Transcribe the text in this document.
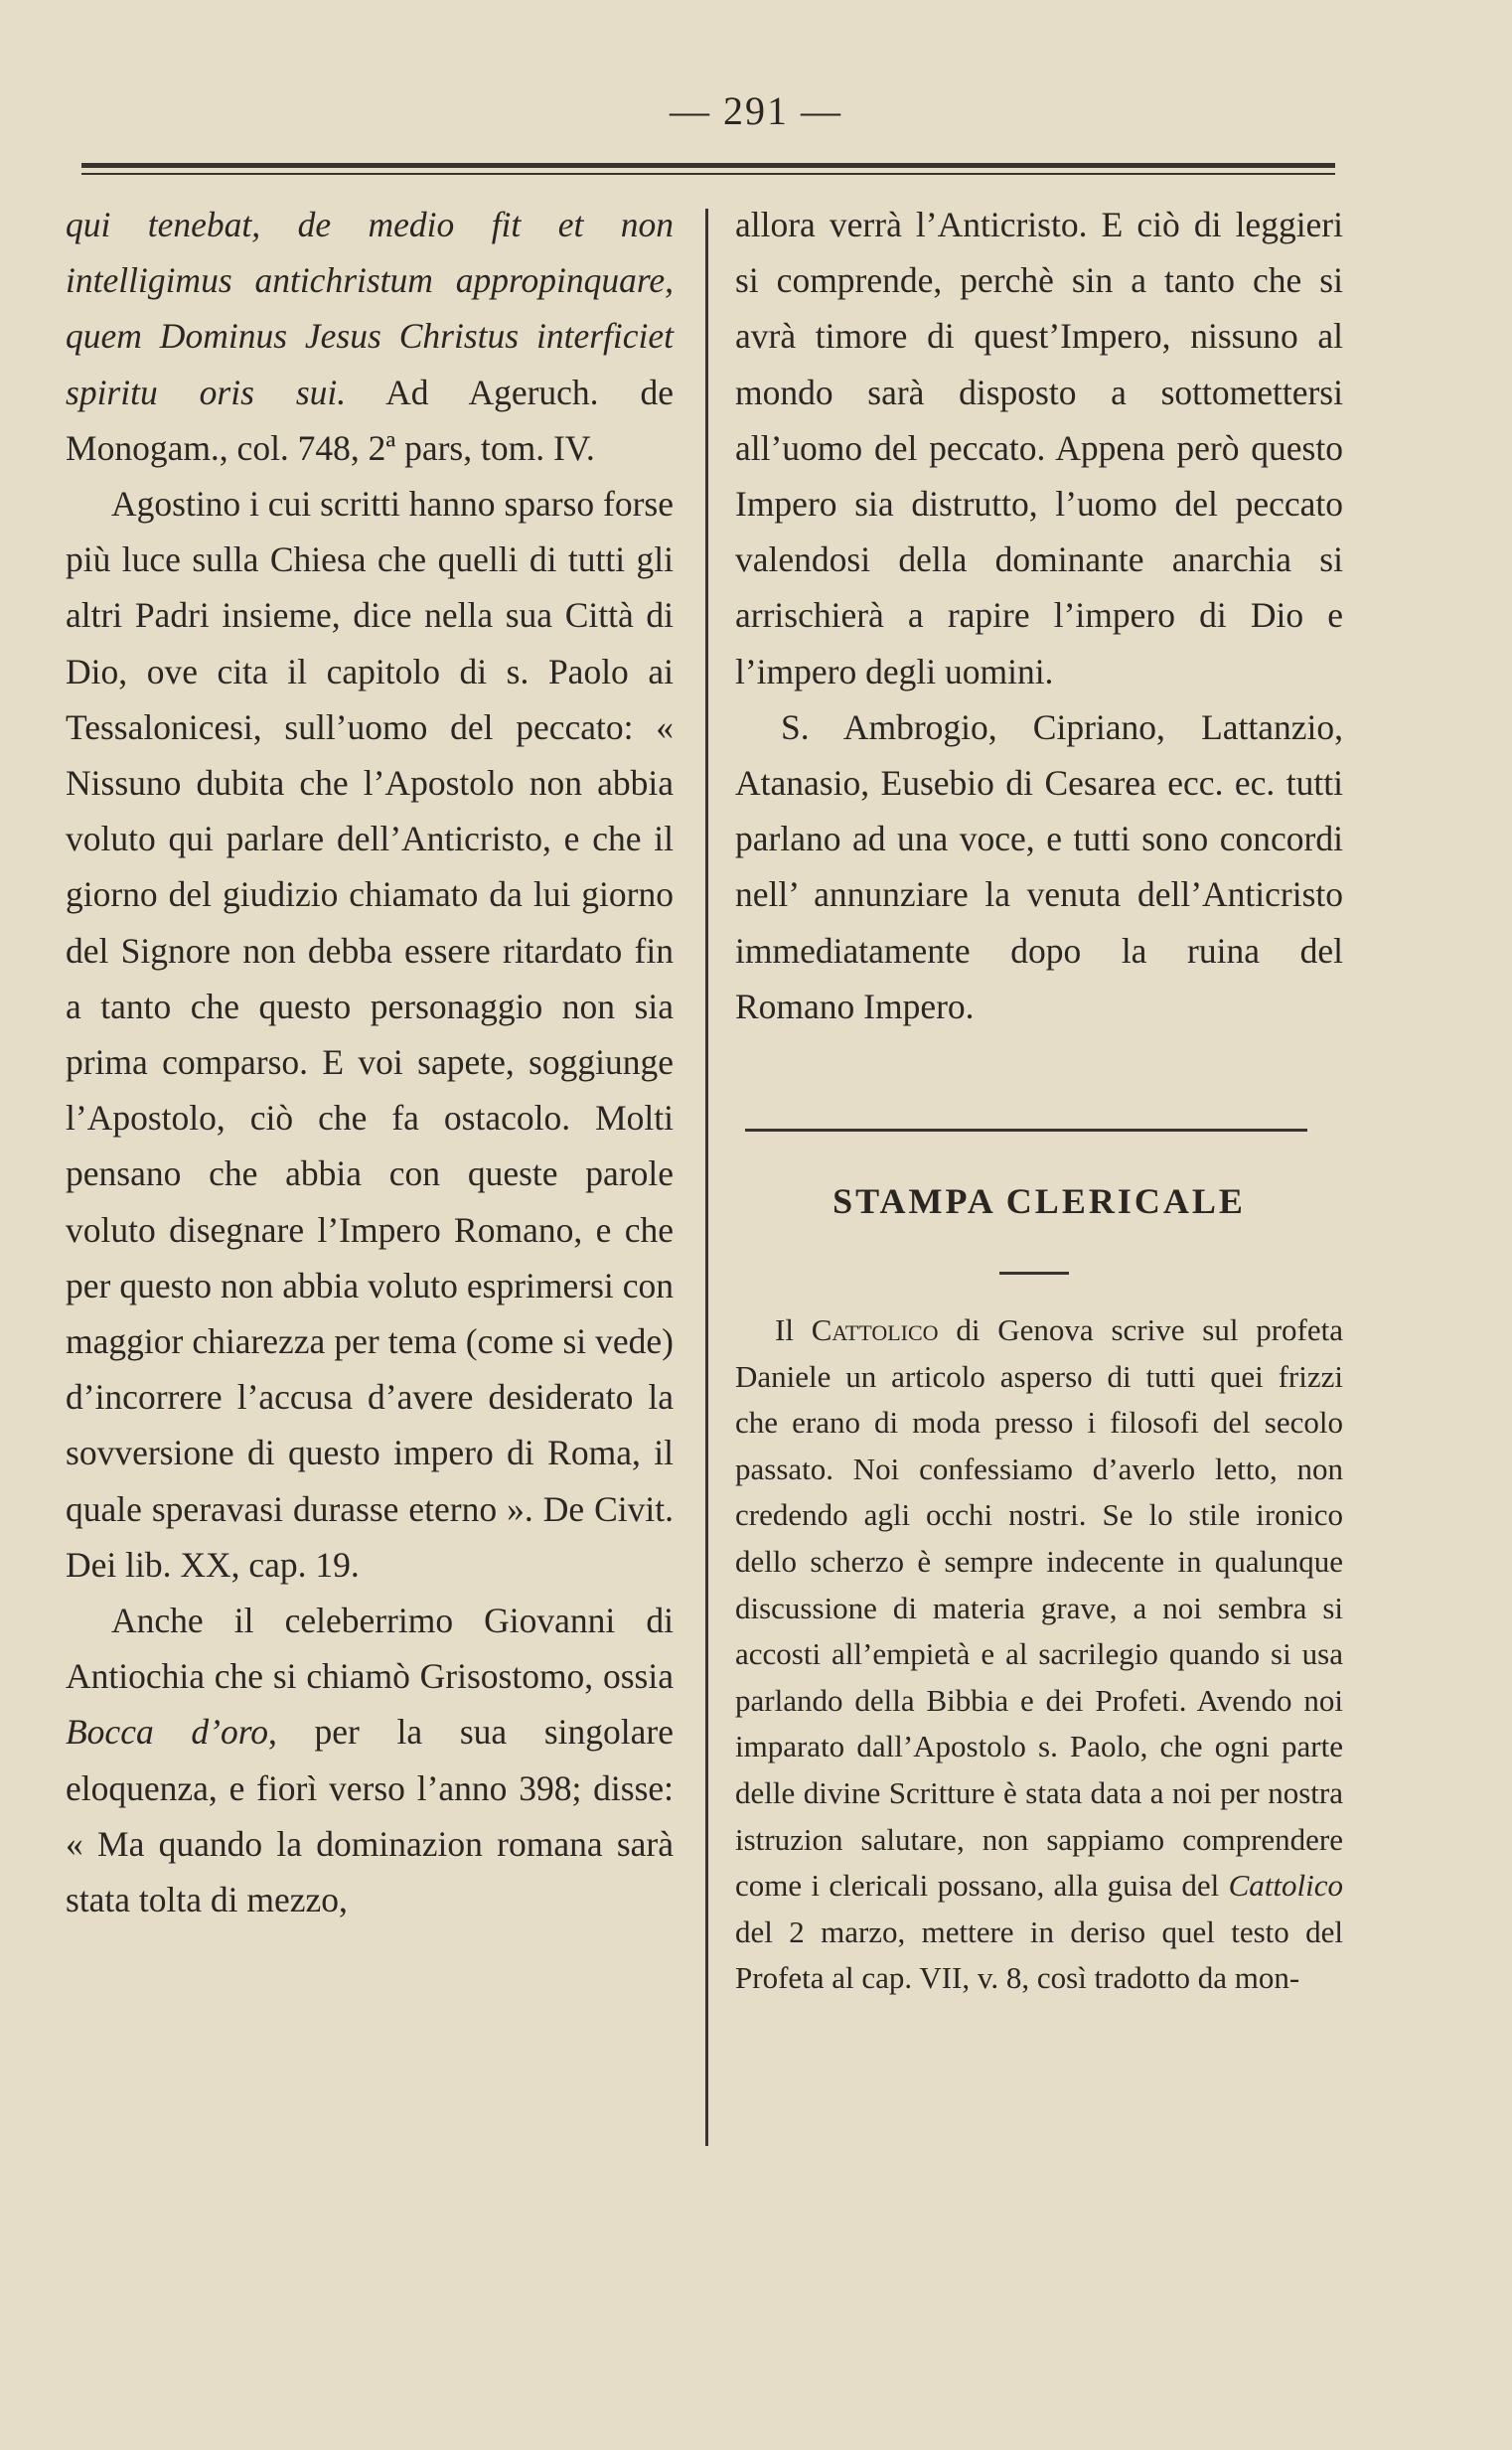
— 291 —

qui tenebat, de medio fit et non intelligimus antichristum appropinquare, quem Dominus Jesus Christus interficiet spiritu oris sui. Ad Ageruch. de Monogam., col. 748, 2ª pars, tom. IV.

Agostino i cui scritti hanno sparso forse più luce sulla Chiesa che quelli di tutti gli altri Padri insieme, dice nella sua Città di Dio, ove cita il capitolo di s. Paolo ai Tessalonicesi, sull’uomo del peccato: « Nissuno dubita che l’Apostolo non abbia voluto qui parlare dell’Anticristo, e che il giorno del giudizio chiamato da lui giorno del Signore non debba essere ritardato fin a tanto che questo personaggio non sia prima comparso. E voi sapete, soggiunge l’Apostolo, ciò che fa ostacolo. Molti pensano che abbia con queste parole voluto disegnare l’Impero Romano, e che per questo non abbia voluto esprimersi con maggior chiarezza per tema (come si vede) d’incorrere l’accusa d’avere desiderato la sovversione di questo impero di Roma, il quale speravasi durasse eterno ». De Civit. Dei lib. XX, cap. 19.

Anche il celeberrimo Giovanni di Antiochia che si chiamò Grisostomo, ossia Bocca d’oro, per la sua singolare eloquenza, e fiorì verso l’anno 398; disse: « Ma quando la dominazion romana sarà stata tolta di mezzo,

allora verrà l’Anticristo. E ciò di leggieri si comprende, perchè sin a tanto che si avrà timore di quest’Impero, nissuno al mondo sarà disposto a sottomettersi all’uomo del peccato. Appena però questo Impero sia distrutto, l’uomo del peccato valendosi della dominante anarchia si arrischierà a rapire l’impero di Dio e l’impero degli uomini.

S. Ambrogio, Cipriano, Lattanzio, Atanasio, Eusebio di Cesarea ecc. ec. tutti parlano ad una voce, e tutti sono concordi nell’ annunziare la venuta dell’Anticristo immediatamente dopo la ruina del Romano Impero.

STAMPA CLERICALE

Il Cattolico di Genova scrive sul profeta Daniele un articolo asperso di tutti quei frizzi che erano di moda presso i filosofi del secolo passato. Noi confessiamo d’averlo letto, non credendo agli occhi nostri. Se lo stile ironico dello scherzo è sempre indecente in qualunque discussione di materia grave, a noi sembra si accosti all’empietà e al sacrilegio quando si usa parlando della Bibbia e dei Profeti. Avendo noi imparato dall’Apostolo s. Paolo, che ogni parte delle divine Scritture è stata data a noi per nostra istruzion salutare, non sappiamo comprendere come i clericali possano, alla guisa del Cattolico del 2 marzo, mettere in deriso quel testo del Profeta al cap. VII, v. 8, così tradotto da mon-
